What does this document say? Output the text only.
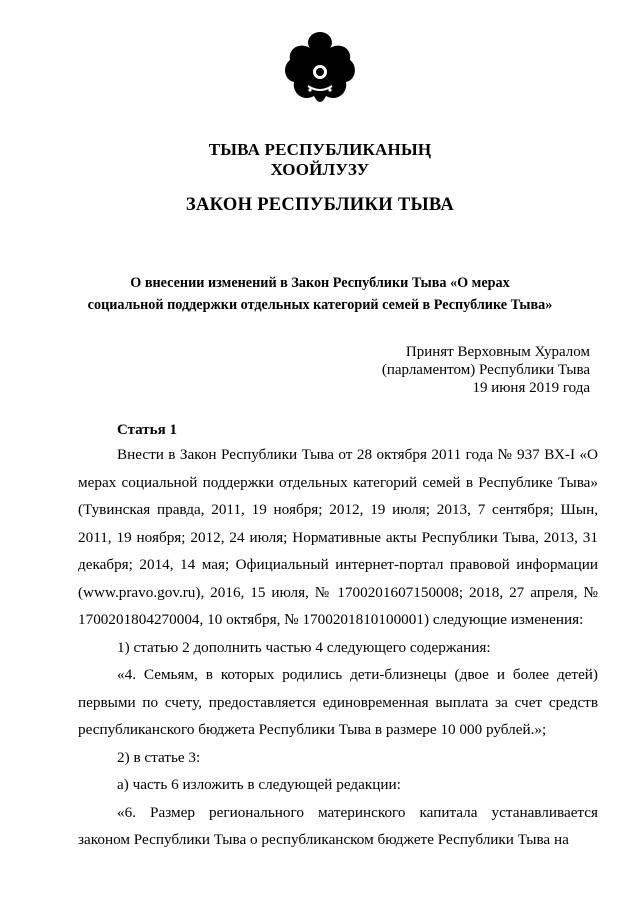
ТЫВА РЕСПУБЛИКАНЫҢ
ХООЙЛУЗУ
ЗАКОН РЕСПУБЛИКИ ТЫВА
О внесении изменений в Закон Республики Тыва «О мерах
социальной поддержки отдельных категорий семей в Республике Тыва»
Принят Верховным Хуралом
(парламентом) Республики Тыва
19 июня 2019 года
Статья 1

Внести в Закон Республики Тыва от 28 октября 2011 года № 937 ВХ-I «О мерах социальной поддержки отдельных категорий семей в Республике Тыва» (Тувинская правда, 2011, 19 ноября; 2012, 19 июля; 2013, 7 сентября; Шын, 2011, 19 ноября; 2012, 24 июля; Нормативные акты Республики Тыва, 2013, 31 декабря; 2014, 14 мая; Официальный интернет-портал правовой информации (www.pravo.gov.ru), 2016, 15 июля, № 1700201607150008; 2018, 27 апреля, № 1700201804270004, 10 октября, № 1700201810100001) следующие изменения:

1) статью 2 дополнить частью 4 следующего содержания:

«4. Семьям, в которых родились дети-близнецы (двое и более детей) первыми по счету, предоставляется единовременная выплата за счет средств республиканского бюджета Республики Тыва в размере 10 000 рублей.»;

2) в статье 3:

а) часть 6 изложить в следующей редакции:

«6. Размер регионального материнского капитала устанавливается законом Республики Тыва о республиканском бюджете Республики Тыва на
